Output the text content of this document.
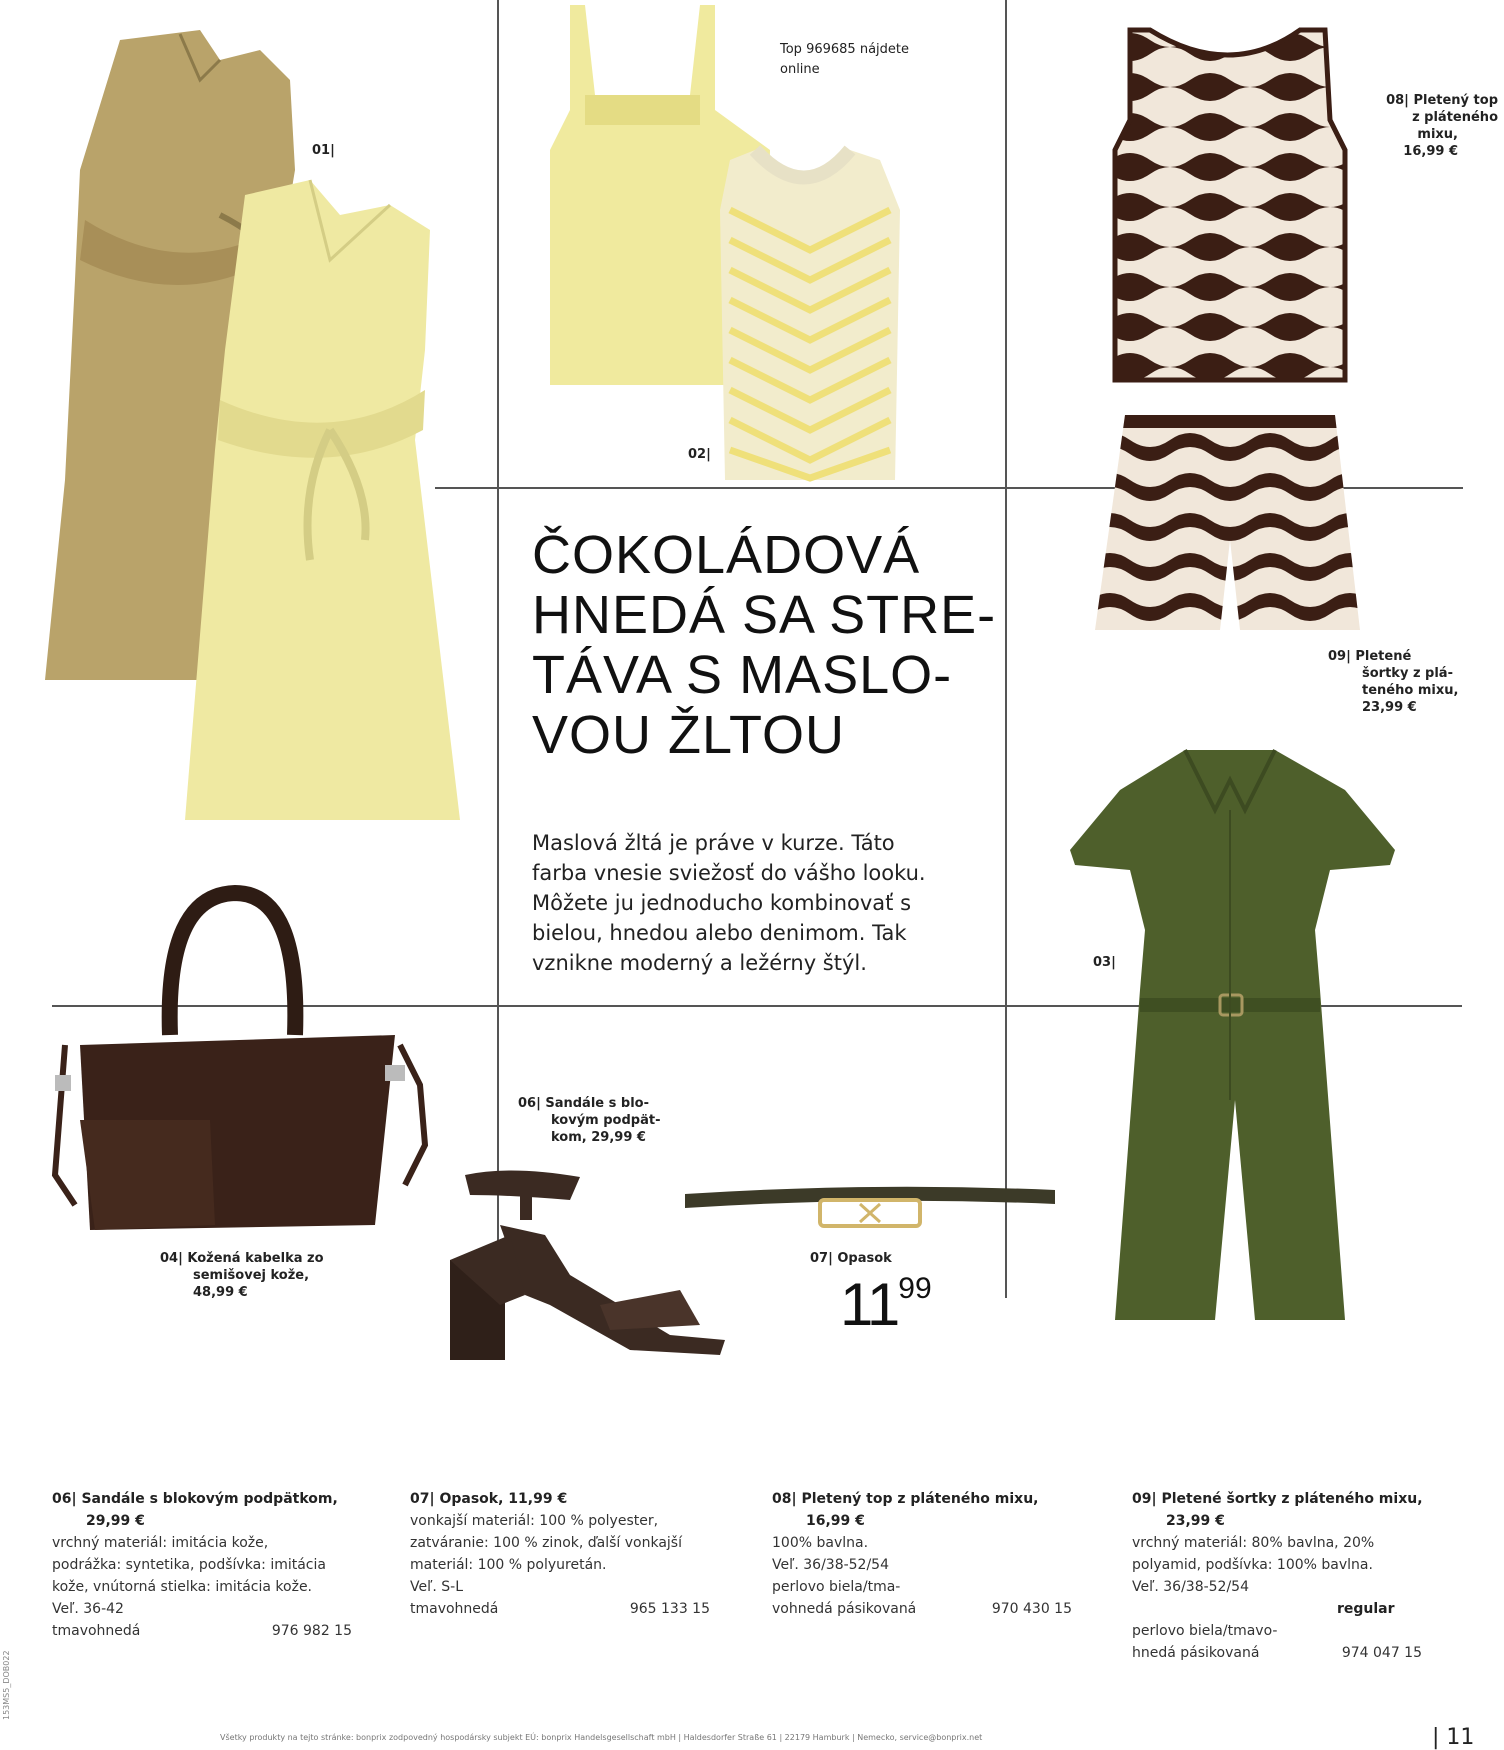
01|
Top 969685 nájdete
online
02|
08| Pletený top
z pláteného
mixu,
16,99 €
09| Pletené
šortky z plá-
teného mixu,
23,99 €
ČOKOLÁDOVÁ
HNEDÁ SA STRE-
TÁVA S MASLO-
VOU ŽLTOU
Maslová žltá je práve v kurze. Táto
farba vnesie sviežosť do vášho looku.
Môžete ju jednoducho kombinovať s
bielou, hnedou alebo denimom. Tak
vznikne moderný a ležérny štýl.	03|
04| Kožená kabelka zo
semišovej kože,
48,99 €
06| Sandále s blo-
kovým podpät-
kom, 29,99 €
07| Opasok
1199
06| Sandále s blokovým podpätkom,
29,99 €
vrchný materiál: imitácia kože,
podrážka: syntetika, podšívka: imitácia
kože, vnútorná stielka: imitácia kože.
Veľ. 36-42
tmavohnedá	976 982 15
07| Opasok, 11,99 €
vonkajší materiál: 100 % polyester,
zatváranie: 100 % zinok, ďalší vonkajší
materiál: 100 % polyuretán.
Veľ. S-L
tmavohnedá	965 133 15
08| Pletený top z pláteného mixu,
16,99 €
100% bavlna.
Veľ. 36/38-52/54
perlovo biela/tma-
vohnedá pásikovaná	970 430 15
09| Pletené šortky z pláteného mixu,
23,99 €
vrchný materiál: 80% bavlna, 20%
polyamid, podšívka: 100% bavlna.
Veľ. 36/38-52/54
regular
perlovo biela/tmavo-
hnedá pásikovaná	974 047 15
Všetky produkty na tejto stránke: bonprix zodpovedný hospodársky subjekt EÚ: bonprix Handelsgesellschaft mbH | Haldesdorfer Straße 61 | 22179 Hamburk | Nemecko, service@bonprix.net	| 11
153MS5_DOB022
